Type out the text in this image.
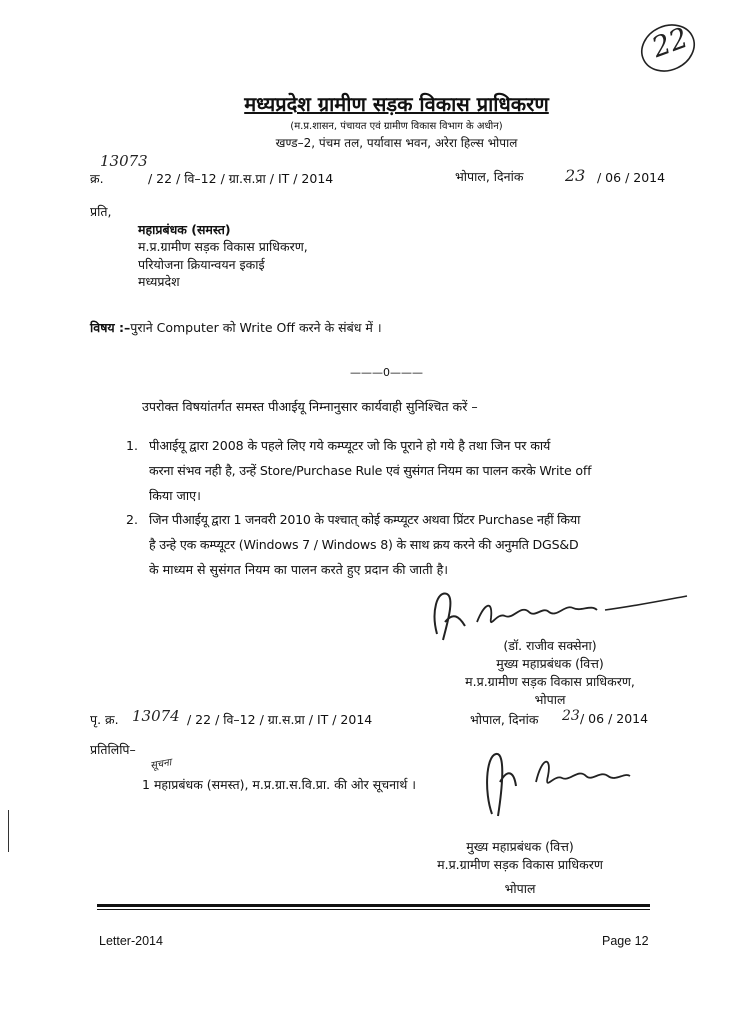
22
मध्यप्रदेश ग्रामीण सड़क विकास प्राधिकरण
(म.प्र.शासन, पंचायत एवं ग्रामीण विकास विभाग के अधीन)
खण्ड–2, पंचम तल, पर्यावास भवन, अरेरा हिल्स भोपाल
13073
क्र.	/ 22 / वि–12 / ग्रा.स.प्रा / IT / 2014	भोपाल, दिनांक	23 / 06 / 2014
प्रति,
महाप्रबंधक (समस्त)
म.प्र.ग्रामीण सड़क विकास प्राधिकरण,
परियोजना क्रियान्वयन इकाई
मध्यप्रदेश
विषय :–पुराने Computer को Write Off करने के संबंध में ।
———0———
उपरोक्त विषयांतर्गत समस्त पीआईयू निम्नानुसार कार्यवाही सुनिश्चित करें –
1. पीआईयू द्वारा 2008 के पहले लिए गये कम्प्यूटर जो कि पूराने हो गये है तथा जिन पर कार्य
करना संभव नही है, उन्हें Store/Purchase Rule एवं सुसंगत नियम का पालन करके Write off
किया जाए।
2. जिन पीआईयू द्वारा 1 जनवरी 2010 के पश्चात् कोई कम्प्यूटर अथवा प्रिंटर Purchase नहीं किया
है उन्हे एक कम्प्यूटर (Windows 7 / Windows 8) के साथ क्रय करने की अनुमति DGS&D
के माध्यम से सुसंगत नियम का पालन करते हुए प्रदान की जाती है।
(डॉ. राजीव सक्सेना)
मुख्य महाप्रबंधक (वित्त)
म.प्र.ग्रामीण सड़क विकास प्राधिकरण,
भोपाल
पृ. क्र. 13074 / 22 / वि–12 / ग्रा.स.प्रा / IT / 2014	भोपाल, दिनांक 23 / 06 / 2014
प्रतिलिपि–
सूचना
1 महाप्रबंधक (समस्त), म.प्र.ग्रा.स.वि.प्रा. की ओर सूचनार्थ ।
मुख्य महाप्रबंधक (वित्त)
म.प्र.ग्रामीण सड़क विकास प्राधिकरण
भोपाल
Letter-2014	Page 12
